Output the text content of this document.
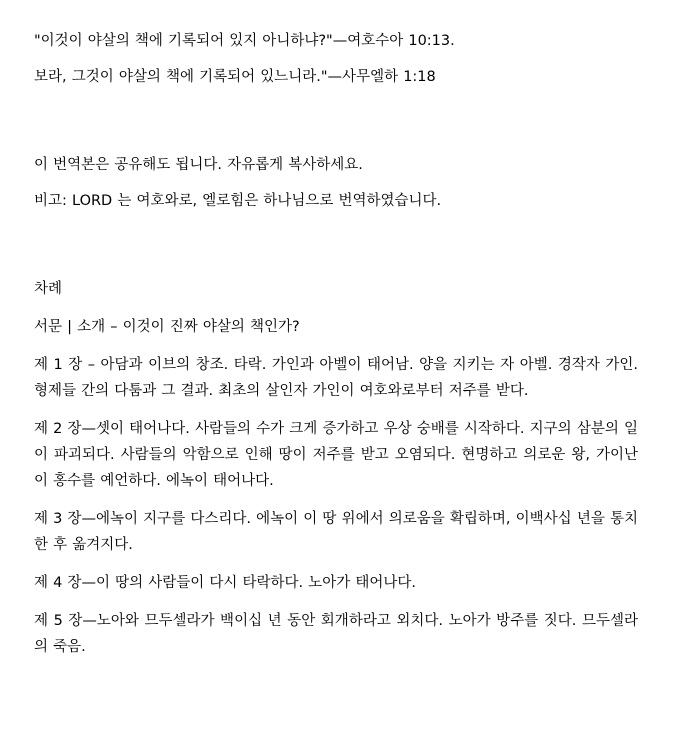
"이것이 야살의 책에 기록되어 있지 아니하냐?"—여호수아 10:13.

보라, 그것이 야살의 책에 기록되어 있느니라."—사무엘하 1:18

이 번역본은 공유해도 됩니다. 자유롭게 복사하세요.

비고: LORD 는 여호와로, 엘로힘은 하나님으로 번역하였습니다.

차례

서문 | 소개 – 이것이 진짜 야살의 책인가?

제 1 장 – 아담과 이브의 창조. 타락. 가인과 아벨이 태어남. 양을 지키는 자 아벨. 경작자 가인. 형제들 간의 다툼과 그 결과. 최초의 살인자 가인이 여호와로부터 저주를 받다.

제 2 장—셋이 태어나다. 사람들의 수가 크게 증가하고 우상 숭배를 시작하다. 지구의 삼분의 일이 파괴되다. 사람들의 악함으로 인해 땅이 저주를 받고 오염되다. 현명하고 의로운 왕, 가이난이 홍수를 예언하다. 에녹이 태어나다.

제 3 장—에녹이 지구를 다스리다. 에녹이 이 땅 위에서 의로움을 확립하며, 이백사십 년을 통치한 후 옮겨지다.

제 4 장—이 땅의 사람들이 다시 타락하다. 노아가 태어나다.

제 5 장—노아와 므두셀라가 백이십 년 동안 회개하라고 외치다. 노아가 방주를 짓다. 므두셀라의 죽음.
